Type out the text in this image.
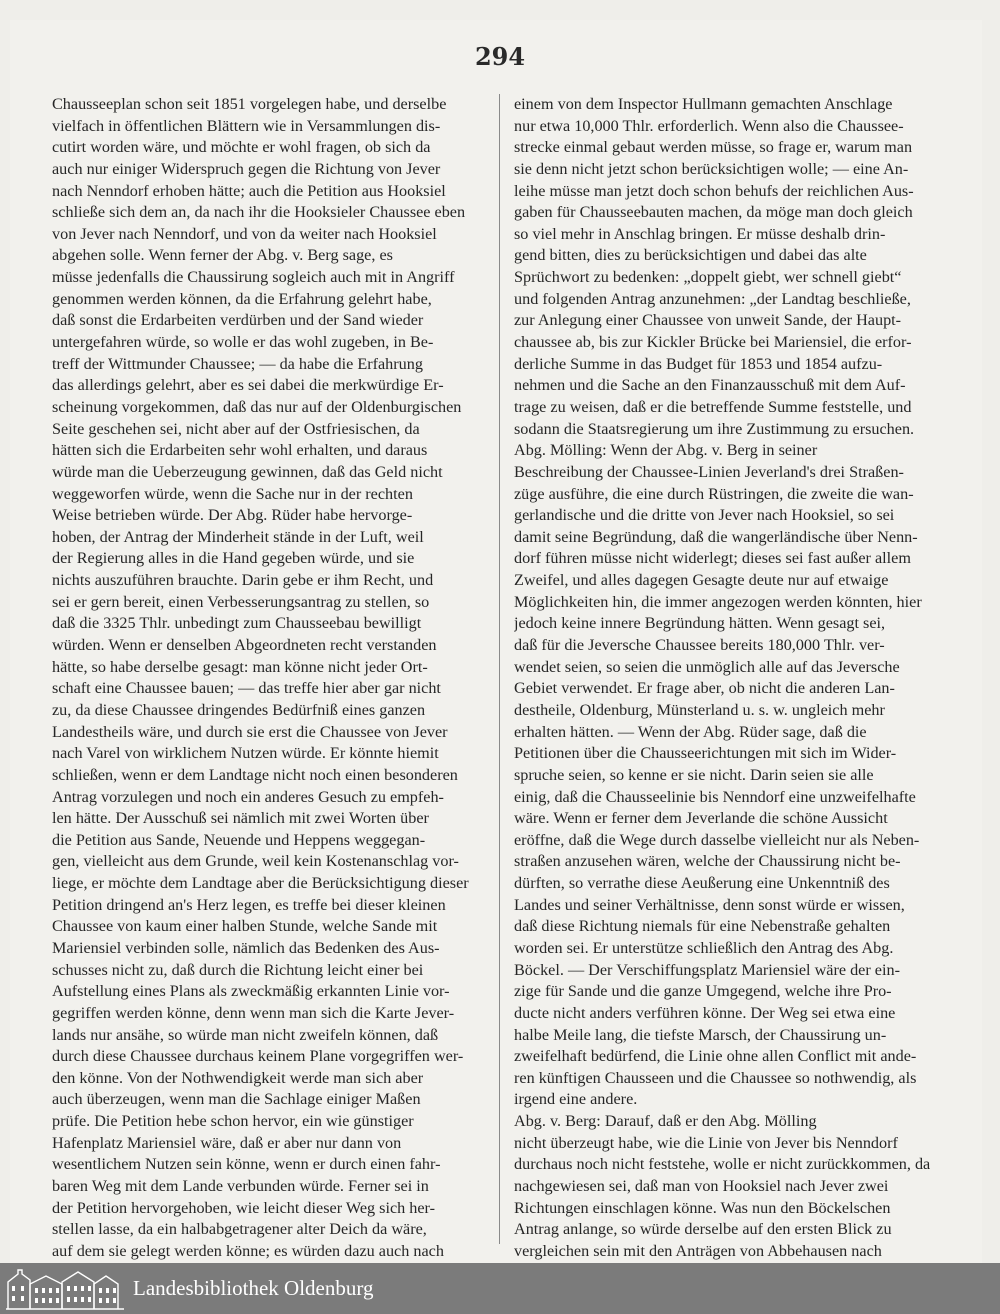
294
Chausseeplan schon seit 1851 vorgelegen habe, und derselbe
vielfach in öffentlichen Blättern wie in Versammlungen dis-
cutirt worden wäre, und möchte er wohl fragen, ob sich da
auch nur einiger Widerspruch gegen die Richtung von Jever
nach Nenndorf erhoben hätte; auch die Petition aus Hooksiel
schließe sich dem an, da nach ihr die Hooksieler Chaussee eben
von Jever nach Nenndorf, und von da weiter nach Hooksiel
abgehen solle. Wenn ferner der Abg. v. Berg sage, es
müsse jedenfalls die Chaussirung sogleich auch mit in Angriff
genommen werden können, da die Erfahrung gelehrt habe,
daß sonst die Erdarbeiten verdürben und der Sand wieder
untergefahren würde, so wolle er das wohl zugeben, in Be-
treff der Wittmunder Chaussee; — da habe die Erfahrung
das allerdings gelehrt, aber es sei dabei die merkwürdige Er-
scheinung vorgekommen, daß das nur auf der Oldenburgischen
Seite geschehen sei, nicht aber auf der Ostfriesischen, da
hätten sich die Erdarbeiten sehr wohl erhalten, und daraus
würde man die Ueberzeugung gewinnen, daß das Geld nicht
weggeworfen würde, wenn die Sache nur in der rechten
Weise betrieben würde. Der Abg. Rüder habe hervorge-
hoben, der Antrag der Minderheit stände in der Luft, weil
der Regierung alles in die Hand gegeben würde, und sie
nichts auszuführen brauchte. Darin gebe er ihm Recht, und
sei er gern bereit, einen Verbesserungsantrag zu stellen, so
daß die 3325 Thlr. unbedingt zum Chausseebau bewilligt
würden. Wenn er denselben Abgeordneten recht verstanden
hätte, so habe derselbe gesagt: man könne nicht jeder Ort-
schaft eine Chaussee bauen; — das treffe hier aber gar nicht
zu, da diese Chaussee dringendes Bedürfniß eines ganzen
Landestheils wäre, und durch sie erst die Chaussee von Jever
nach Varel von wirklichem Nutzen würde. Er könnte hiemit
schließen, wenn er dem Landtage nicht noch einen besonderen
Antrag vorzulegen und noch ein anderes Gesuch zu empfeh-
len hätte. Der Ausschuß sei nämlich mit zwei Worten über
die Petition aus Sande, Neuende und Heppens weggegan-
gen, vielleicht aus dem Grunde, weil kein Kostenanschlag vor-
liege, er möchte dem Landtage aber die Berücksichtigung dieser
Petition dringend an's Herz legen, es treffe bei dieser kleinen
Chaussee von kaum einer halben Stunde, welche Sande mit
Mariensiel verbinden solle, nämlich das Bedenken des Aus-
schusses nicht zu, daß durch die Richtung leicht einer bei
Aufstellung eines Plans als zweckmäßig erkannten Linie vor-
gegriffen werden könne, denn wenn man sich die Karte Jever-
lands nur ansähe, so würde man nicht zweifeln können, daß
durch diese Chaussee durchaus keinem Plane vorgegriffen wer-
den könne. Von der Nothwendigkeit werde man sich aber
auch überzeugen, wenn man die Sachlage einiger Maßen
prüfe. Die Petition hebe schon hervor, ein wie günstiger
Hafenplatz Mariensiel wäre, daß er aber nur dann von
wesentlichem Nutzen sein könne, wenn er durch einen fahr-
baren Weg mit dem Lande verbunden würde. Ferner sei in
der Petition hervorgehoben, wie leicht dieser Weg sich her-
stellen lasse, da ein halbabgetragener alter Deich da wäre,
auf dem sie gelegt werden könne; es würden dazu auch nach
einem von dem Inspector Hullmann gemachten Anschlage
nur etwa 10,000 Thlr. erforderlich. Wenn also die Chaussee-
strecke einmal gebaut werden müsse, so frage er, warum man
sie denn nicht jetzt schon berücksichtigen wolle; — eine An-
leihe müsse man jetzt doch schon behufs der reichlichen Aus-
gaben für Chausseebauten machen, da möge man doch gleich
so viel mehr in Anschlag bringen. Er müsse deshalb drin-
gend bitten, dies zu berücksichtigen und dabei das alte
Sprüchwort zu bedenken: „doppelt giebt, wer schnell giebt“
und folgenden Antrag anzunehmen: „der Landtag beschließe,
zur Anlegung einer Chaussee von unweit Sande, der Haupt-
chaussee ab, bis zur Kickler Brücke bei Mariensiel, die erfor-
derliche Summe in das Budget für 1853 und 1854 aufzu-
nehmen und die Sache an den Finanzausschuß mit dem Auf-
trage zu weisen, daß er die betreffende Summe feststelle, und
sodann die Staatsregierung um ihre Zustimmung zu ersuchen.
Abg. Mölling: Wenn der Abg. v. Berg in seiner
Beschreibung der Chaussee-Linien Jeverland's drei Straßen-
züge ausführe, die eine durch Rüstringen, die zweite die wan-
gerlandische und die dritte von Jever nach Hooksiel, so sei
damit seine Begründung, daß die wangerländische über Nenn-
dorf führen müsse nicht widerlegt; dieses sei fast außer allem
Zweifel, und alles dagegen Gesagte deute nur auf etwaige
Möglichkeiten hin, die immer angezogen werden könnten, hier
jedoch keine innere Begründung hätten. Wenn gesagt sei,
daß für die Jeversche Chaussee bereits 180,000 Thlr. ver-
wendet seien, so seien die unmöglich alle auf das Jeversche
Gebiet verwendet. Er frage aber, ob nicht die anderen Lan-
destheile, Oldenburg, Münsterland u. s. w. ungleich mehr
erhalten hätten. — Wenn der Abg. Rüder sage, daß die
Petitionen über die Chausseerichtungen mit sich im Wider-
spruche seien, so kenne er sie nicht. Darin seien sie alle
einig, daß die Chausseelinie bis Nenndorf eine unzweifelhafte
wäre. Wenn er ferner dem Jeverlande die schöne Aussicht
eröffne, daß die Wege durch dasselbe vielleicht nur als Neben-
straßen anzusehen wären, welche der Chaussirung nicht be-
dürften, so verrathe diese Aeußerung eine Unkenntniß des
Landes und seiner Verhältnisse, denn sonst würde er wissen,
daß diese Richtung niemals für eine Nebenstraße gehalten
worden sei. Er unterstütze schließlich den Antrag des Abg.
Böckel. — Der Verschiffungsplatz Mariensiel wäre der ein-
zige für Sande und die ganze Umgegend, welche ihre Pro-
ducte nicht anders verführen könne. Der Weg sei etwa eine
halbe Meile lang, die tiefste Marsch, der Chaussirung un-
zweifelhaft bedürfend, die Linie ohne allen Conflict mit ande-
ren künftigen Chausseen und die Chaussee so nothwendig, als
irgend eine andere.
Abg. v. Berg: Darauf, daß er den Abg. Mölling
nicht überzeugt habe, wie die Linie von Jever bis Nenndorf
durchaus noch nicht feststehe, wolle er nicht zurückkommen, da
nachgewiesen sei, daß man von Hooksiel nach Jever zwei
Richtungen einschlagen könne. Was nun den Böckelschen
Antrag anlange, so würde derselbe auf den ersten Blick zu
vergleichen sein mit den Anträgen von Abbehausen nach
Landesbibliothek Oldenburg
